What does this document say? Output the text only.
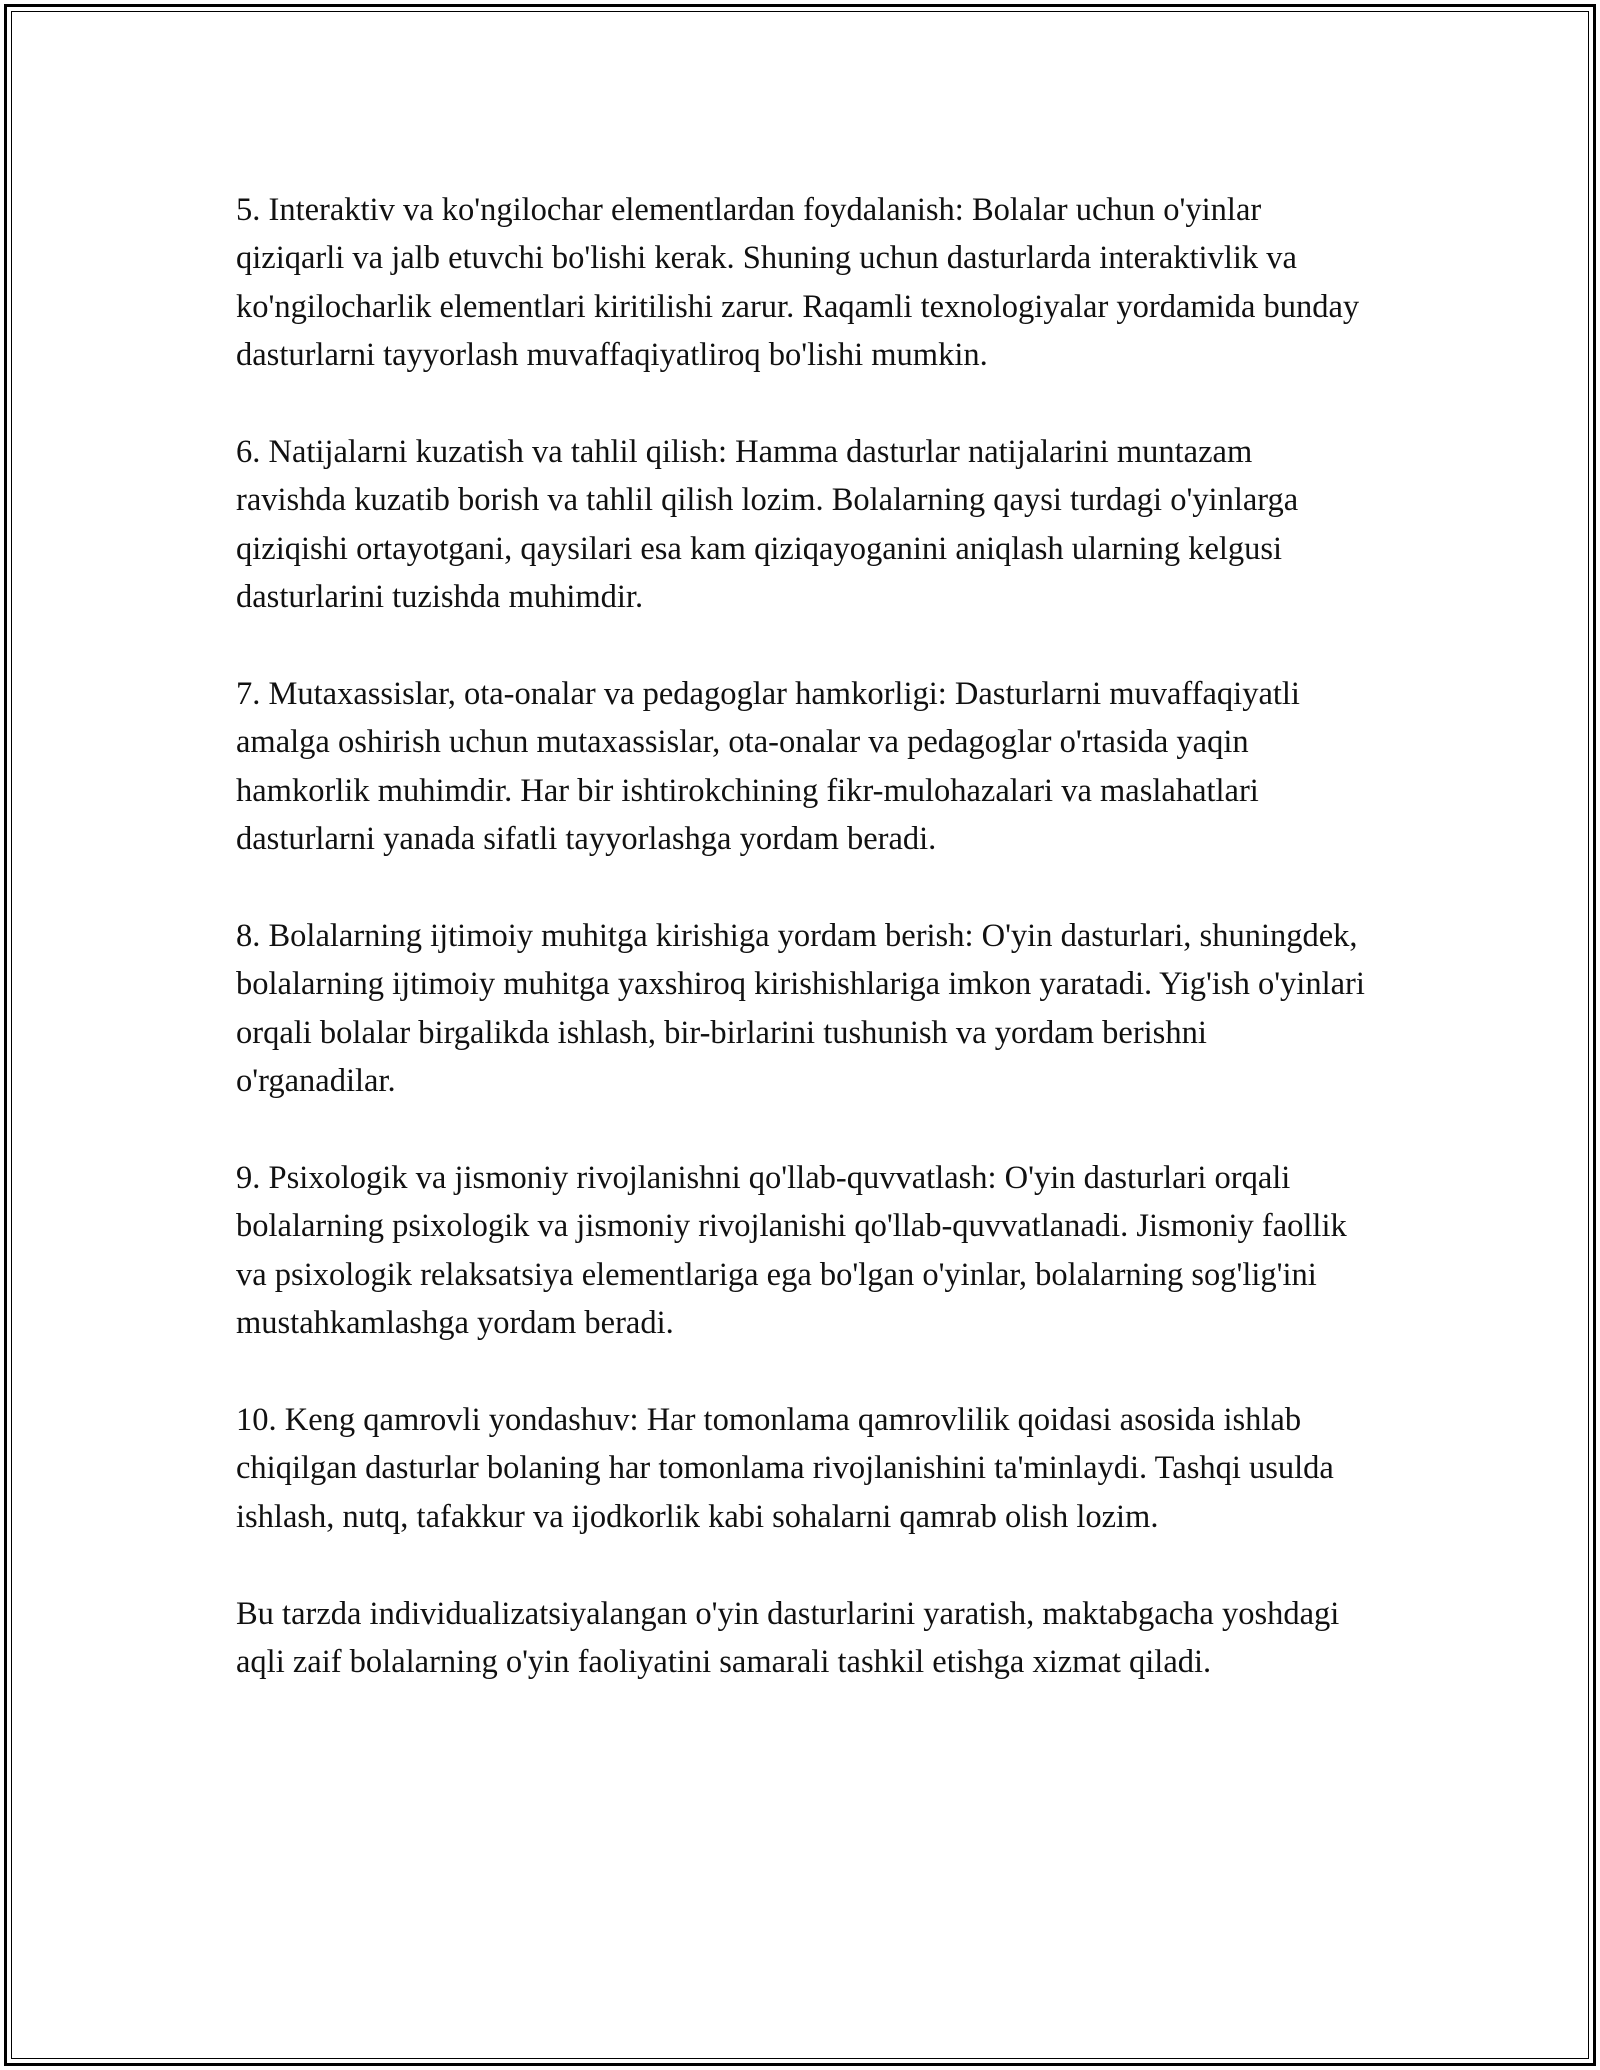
5. Interaktiv va ko'ngilochar elementlardan foydalanish: Bolalar uchun o'yinlar qiziqarli va jalb etuvchi bo'lishi kerak. Shuning uchun dasturlarda interaktivlik va ko'ngilocharlik elementlari kiritilishi zarur. Raqamli texnologiyalar yordamida bunday dasturlarni tayyorlash muvaffaqiyatliroq bo'lishi mumkin.

6. Natijalarni kuzatish va tahlil qilish: Hamma dasturlar natijalarini muntazam ravishda kuzatib borish va tahlil qilish lozim. Bolalarning qaysi turdagi o'yinlarga qiziqishi ortayotgani, qaysilari esa kam qiziqayoganini aniqlash ularning kelgusi dasturlarini tuzishda muhimdir.

7. Mutaxassislar, ota-onalar va pedagoglar hamkorligi: Dasturlarni muvaffaqiyatli amalga oshirish uchun mutaxassislar, ota-onalar va pedagoglar o'rtasida yaqin hamkorlik muhimdir. Har bir ishtirokchining fikr-mulohazalari va maslahatlari dasturlarni yanada sifatli tayyorlashga yordam beradi.

8. Bolalarning ijtimoiy muhitga kirishiga yordam berish: O'yin dasturlari, shuningdek, bolalarning ijtimoiy muhitga yaxshiroq kirishishlariga imkon yaratadi. Yig'ish o'yinlari orqali bolalar birgalikda ishlash, bir-birlarini tushunish va yordam berishni o'rganadilar.

9. Psixologik va jismoniy rivojlanishni qo'llab-quvvatlash: O'yin dasturlari orqali bolalarning psixologik va jismoniy rivojlanishi qo'llab-quvvatlanadi. Jismoniy faollik va psixologik relaksatsiya elementlariga ega bo'lgan o'yinlar, bolalarning sog'lig'ini mustahkamlashga yordam beradi.

10. Keng qamrovli yondashuv: Har tomonlama qamrovlilik qoidasi asosida ishlab chiqilgan dasturlar bolaning har tomonlama rivojlanishini ta'minlaydi. Tashqi usulda ishlash, nutq, tafakkur va ijodkorlik kabi sohalarni qamrab olish lozim.

Bu tarzda individualizatsiyalangan o'yin dasturlarini yaratish, maktabgacha yoshdagi aqli zaif bolalarning o'yin faoliyatini samarali tashkil etishga xizmat qiladi.
